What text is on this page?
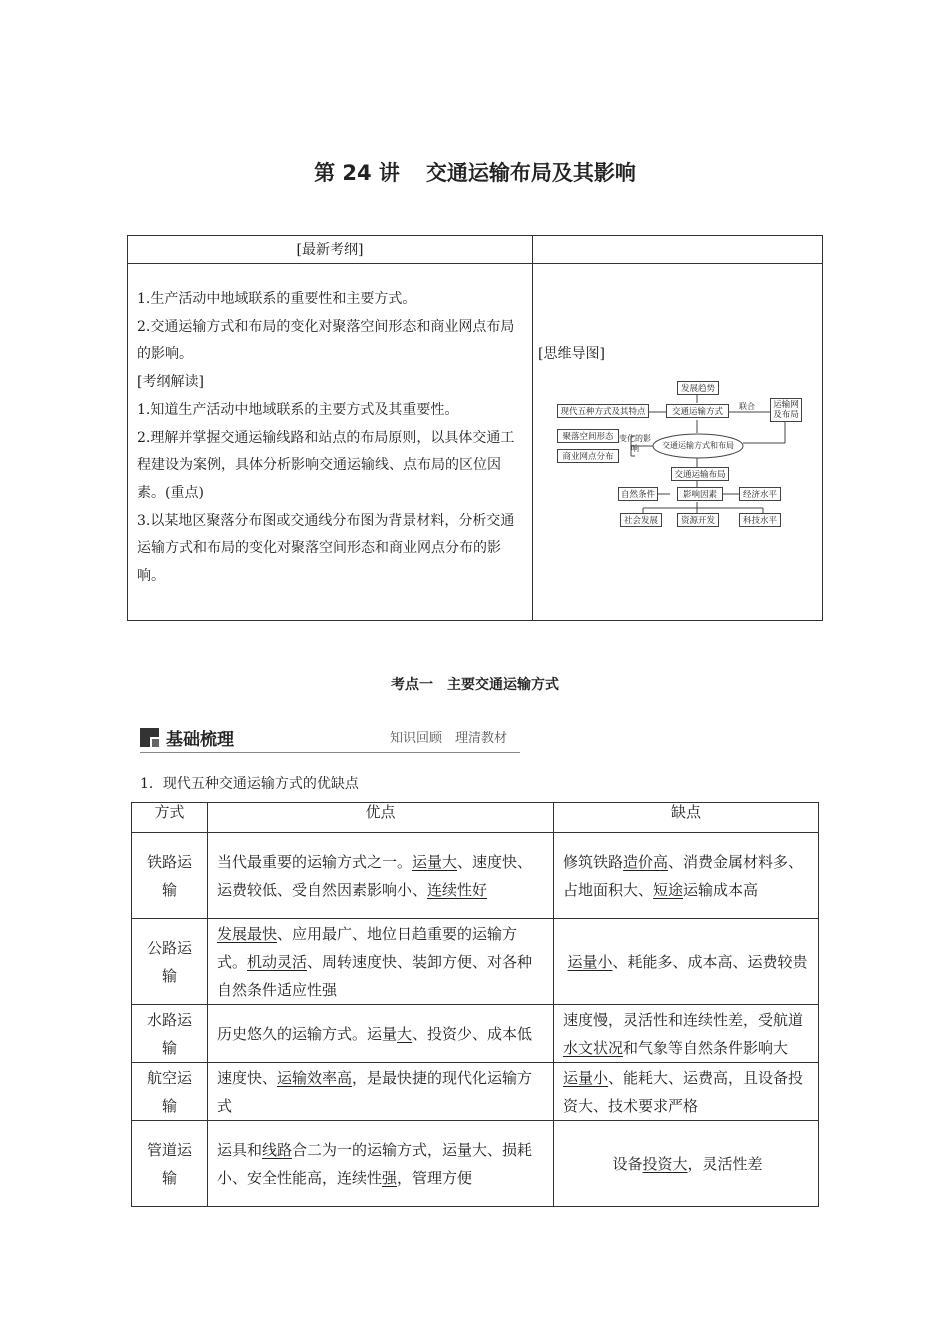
第 24 讲 交通运输布局及其影响
[最新考纲]

1.生产活动中地域联系的重要性和主要方式。

2.交通运输方式和布局的变化对聚落空间形态和商业网点布局的影响。

[考纲解读]

1.知道生产活动中地域联系的主要方式及其重要性。

2.理解并掌握交通运输线路和站点的布局原则，以具体交通工程建设为案例，具体分析影响交通运输线、点布局的区位因素。(重点)

3.以某地区聚落分布图或交通线分布图为背景材料，分析交通运输方式和布局的变化对聚落空间形态和商业网点分布的影响。

[思维导图]
发展趋势
现代五种方式及其特点	交通运输方式
联合	运输网及布局
聚落空间形态
商业网点分布
变化的影响	交通运输方式和布局
交通运输布局
自然条件	影响因素	经济水平
社会发展	资源开发	科技水平
考点一　主要交通运输方式
基础梳理	知识回顾　理清教材
1．现代五种交通运输方式的优缺点
方式	优点	缺点
铁路运输	当代最重要的运输方式之一。运量大、速度快、运费较低、受自然因素影响小、连续性好	修筑铁路造价高、消费金属材料多、占地面积大、短途运输成本高
公路运输	发展最快、应用最广、地位日趋重要的运输方式。机动灵活、周转速度快、装卸方便、对各种自然条件适应性强	运量小、耗能多、成本高、运费较贵
水路运输	历史悠久的运输方式。运量大、投资少、成本低	速度慢，灵活性和连续性差，受航道水文状况和气象等自然条件影响大
航空运输	速度快、运输效率高，是最快捷的现代化运输方式	运量小、能耗大、运费高，且设备投资大、技术要求严格
管道运输	运具和线路合二为一的运输方式，运量大、损耗小、安全性能高，连续性强，管理方便	设备投资大，灵活性差
